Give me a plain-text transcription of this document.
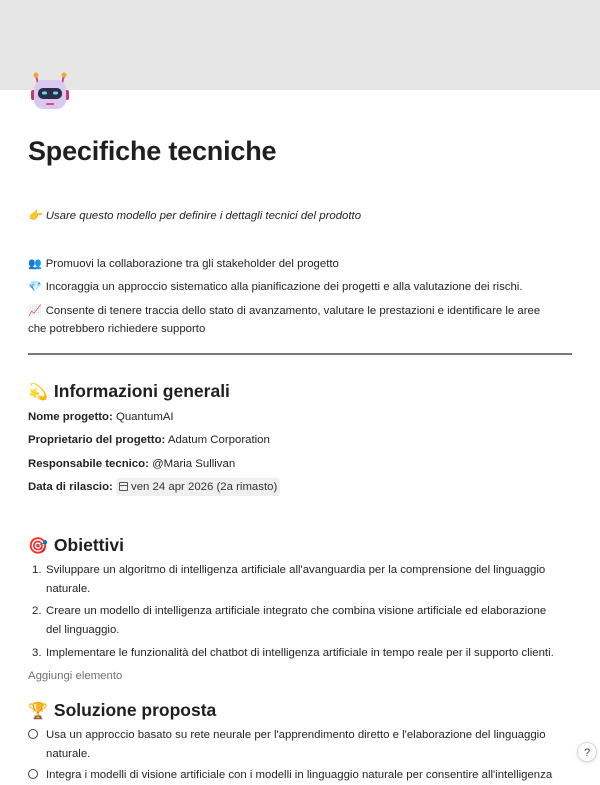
Specifiche tecniche
👉 Usare questo modello per definire i dettagli tecnici del prodotto
👥 Promuovi la collaborazione tra gli stakeholder del progetto
💎 Incoraggia un approccio sistematico alla pianificazione dei progetti e alla valutazione dei rischi.
📈 Consente di tenere traccia dello stato di avanzamento, valutare le prestazioni e identificare le aree che potrebbero richiedere supporto
💫 Informazioni generali
Nome progetto: QuantumAI
Proprietario del progetto: Adatum Corporation
Responsabile tecnico: @Maria Sullivan
Data di rilascio: ven 24 apr 2026 (2a rimasto)
🎯 Obiettivi
1. Sviluppare un algoritmo di intelligenza artificiale all'avanguardia per la comprensione del linguaggio naturale.
2. Creare un modello di intelligenza artificiale integrato che combina visione artificiale ed elaborazione del linguaggio.
3. Implementare le funzionalità del chatbot di intelligenza artificiale in tempo reale per il supporto clienti.
Aggiungi elemento
🏆 Soluzione proposta
Usa un approccio basato su rete neurale per l'apprendimento diretto e l'elaborazione del linguaggio naturale.
Integra i modelli di visione artificiale con i modelli in linguaggio naturale per consentire all'intelligenza
?
